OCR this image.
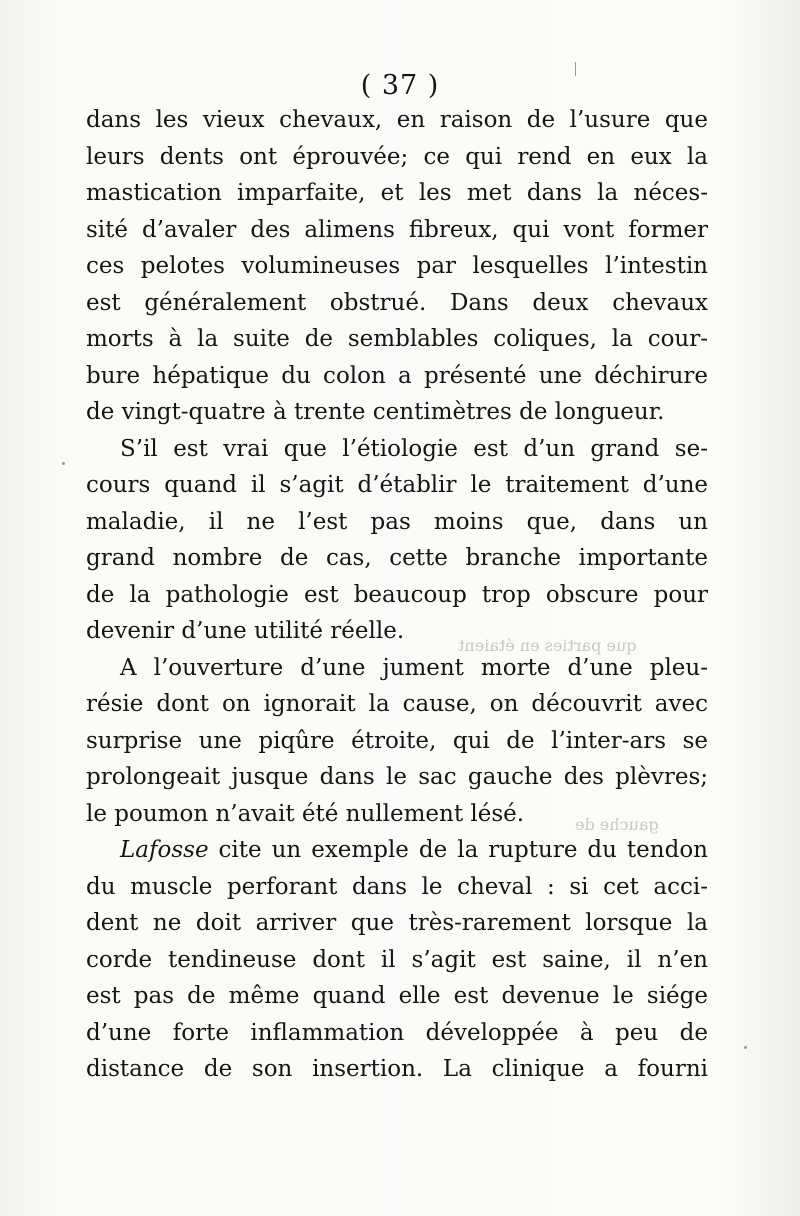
que parties en étaient
gauche de
( 37 )
dans les vieux chevaux, en raison de l’usure que
leurs dents ont éprouvée; ce qui rend en eux la
mastication imparfaite, et les met dans la néces-
sité d’avaler des alimens fibreux, qui vont former
ces pelotes volumineuses par lesquelles l’intestin
est généralement obstrué. Dans deux chevaux
morts à la suite de semblables coliques, la cour-
bure hépatique du colon a présenté une déchirure
de vingt-quatre à trente centimètres de longueur.
S’il est vrai que l’étiologie est d’un grand se-
cours quand il s’agit d’établir le traitement d’une
maladie, il ne l’est pas moins que, dans un
grand nombre de cas, cette branche importante
de la pathologie est beaucoup trop obscure pour
devenir d’une utilité réelle.
A l’ouverture d’une jument morte d’une pleu-
résie dont on ignorait la cause, on découvrit avec
surprise une piqûre étroite, qui de l’inter-ars se
prolongeait jusque dans le sac gauche des plèvres;
le poumon n’avait été nullement lésé.
Lafosse cite un exemple de la rupture du tendon
du muscle perforant dans le cheval : si cet acci-
dent ne doit arriver que très-rarement lorsque la
corde tendineuse dont il s’agit est saine, il n’en
est pas de même quand elle est devenue le siége
d’une forte inflammation développée à peu de
distance de son insertion. La clinique a fourni
